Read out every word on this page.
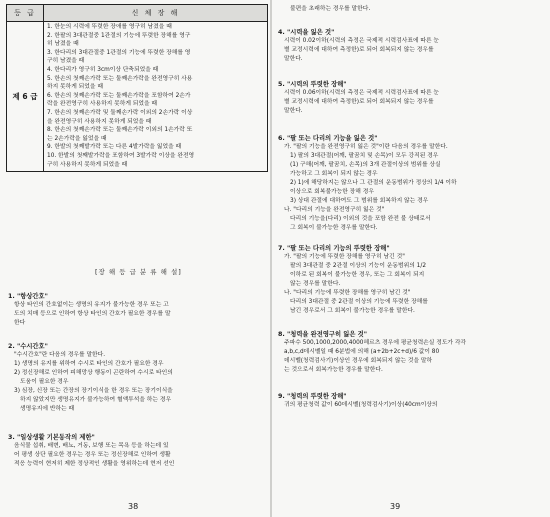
등 급	신 체 장 해
제 6 급
1. 한눈의 시력에 뚜렷한 장애를 영구히 남겼을 때
2. 한팔의 3대관절중 1관절의 기능에 뚜렷한 장해를 영구
히 남겼을 때
3. 한다리의 3대관절중 1관절의 기능에 뚜렷한 장해를 영
구히 남겼을 때
4. 한다리가 영구히 3cm이상 단축되었을 때
5. 한손의 첫째손가락 또는 둘째손가락을 완전영구히 사용
하지 못하게 되었을 때
6. 한손의 첫째손가락 또는 둘째손가락을 포함하여 2손가
락을 완전영구히 사용하지 못하게 되었을 때
7. 한손의 첫째손가락 및 둘째손가락 이외의 2손가락 이상
을 완전영구히 사용하지 못하게 되었을 때
8. 한손의 첫째손가락 또는 둘째손가락 이외의 1손가락 또
는 2손가락을 잃었을 때
9. 한발의 첫째발가락 또는 다른 4발가락을 잃었을 때
10. 한발의 첫째발가락을 포함하여 3발가락 이상을 완전영
구히 사용하지 못하게 되었을 때
[장 해 등 급 분 류 해 설]
1. "항상간호"
항상 타인의 간호없이는 생명의 유지가 불가능한 경우 또는 고
도의 치매 등으로 인하여 항상 타인의 간호가 필요한 경우를 말
한다
2. "수시간호"
"수시간호"란 다음의 경우를 말한다.
1) 생명의 유지를 위하여 수시로 타인의 간호가 필요한 경우
2) 정신장해로 인하여 피해망상 행동이 곤란하여 수시로 타인의
도움이 필요한 경우
3) 심장, 신장 또는 간장의 장기이식을 한 경우 또는 장기이식을
하지 않았지만 생명유지가 불가능하여 혈액투석을 하는 경우
생명유지에 반하는 때
3. "일상생활 기본동작의 제한"
음식물 섭취, 배변, 배뇨, 거동, 보행 또는 목욕 등을 하는데 있
어 평생 상단 필요한 경우는 경우 또는 정신장해로 인하여 생활
적응 능력이 현저히 제한 정상적인 생활을 영위하는데 현저 선인
38
불편을 초래하는 경우를 말한다.
4. "시력을 잃은 것"
시력이 0.02이하(시력의 측정은 국제적 시력검사표에 따른 눈
별 교정시력에 대하여 측정한)로 되어 회복되지 않는 경우를
말한다.
5. "시력의 뚜렷한 장해"
시력이 0.06이하(시력의 측정은 국제적 시력검사표에 따른 눈
별 교정시력에 대하여 측정한)로 되어 회복되지 않는 경우를
말한다.
6. "팔 또는 다리의 기능을 잃은 것"
가. "팔의 기능을 완전영구히 잃은 것"이란 다음의 경우를 말한다.
1) 팔의 3대관절(어깨, 팔꿈치 및 손목)이 모두 강직된 경우
(1) 구해(어깨, 팔꿈치, 손목)의 3개 관절이상의 범위를 상실
가능하고 그 회복이 되지 않는 경우
2) 1)에 해당하지는 않으나 그 관절의 운동범위가 정상의 1/4 이하
이상으로 회복불가능한 장해 경우
3) 상대 관절에 대하여도 그 범위를 회복하지 않는 경우
나. "다리의 기능을 완전영구히 잃은 것"
다리의 기능을(다리) 이외의 것을 포함 완전 불 상태로서
그 회복이 불가능한 경우를 말한다.
7. "팔 또는 다리의 기능의 뚜렷한 장해"
가. "팔의 기능에 뚜렷한 장해를 영구히 남긴 것"
팔의 3대관절 중 2관절 이상의 기능이 운동범위의 1/2
이하로 된 회복이 불가능한 경우, 또는 그 회복이 되지
않는 경우를 말한다.
나. "다리의 기능에 뚜렷한 장해를 영구히 남긴 것"
다리의 3대관절 중 2관절 이상의 기능에 뚜렷한 장해를
남긴 경우로서 그 회복이 불가능한 경우를 말한다.
8. "청력을 완전영구히 잃은 것"
주파수 500,1000,2000,4000헤르츠 경우에 평균청력손실 정도가 각각
a,b,c,d데시벨일 때 6분법에 의해 (a+2b+2c+d)/6 값이 80
데시벨(청력검사기)이상인 경우에 회복되지 않는 것을 말하
는 것으로서 회복가능한 경우를 말한다.
9. "청력의 뚜렷한 장해"
귀의 평균청력 값이 60데시벨(청력검사기)이상(40cm이상의
39
